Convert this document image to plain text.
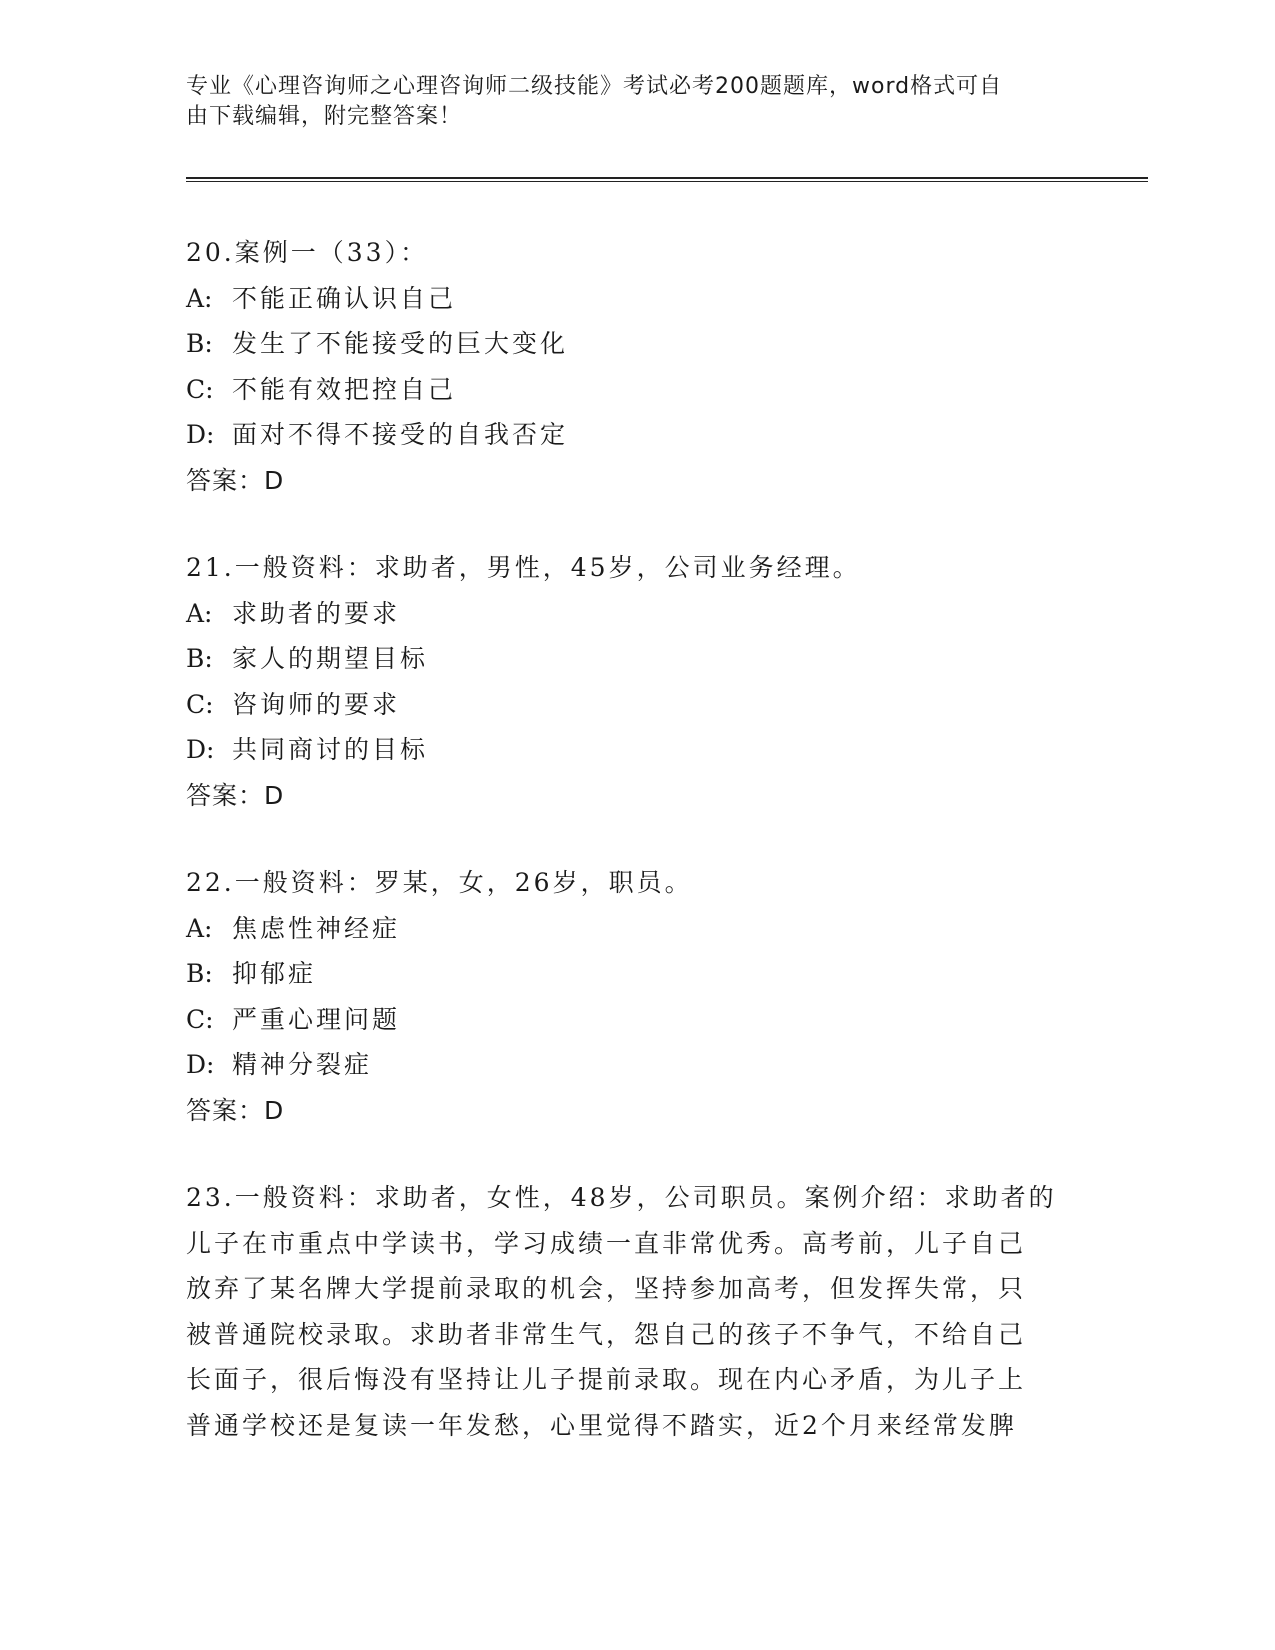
专业《心理咨询师之心理咨询师二级技能》考试必考200题题库，word格式可自
由下载编辑，附完整答案！
20.案例一（33）：
A: 不能正确认识自己
B: 发生了不能接受的巨大变化
C: 不能有效把控自己
D: 面对不得不接受的自我否定
答案：D
21.一般资料：求助者，男性，45岁，公司业务经理。
A: 求助者的要求
B: 家人的期望目标
C: 咨询师的要求
D: 共同商讨的目标
答案：D
22.一般资料：罗某，女，26岁，职员。
A: 焦虑性神经症
B: 抑郁症
C: 严重心理问题
D: 精神分裂症
答案：D
23.一般资料：求助者，女性，48岁，公司职员。案例介绍：求助者的
儿子在市重点中学读书，学习成绩一直非常优秀。高考前，儿子自己
放弃了某名牌大学提前录取的机会，坚持参加高考，但发挥失常，只
被普通院校录取。求助者非常生气，怨自己的孩子不争气，不给自己
长面子，很后悔没有坚持让儿子提前录取。现在内心矛盾，为儿子上
普通学校还是复读一年发愁，心里觉得不踏实，近2个月来经常发脾
